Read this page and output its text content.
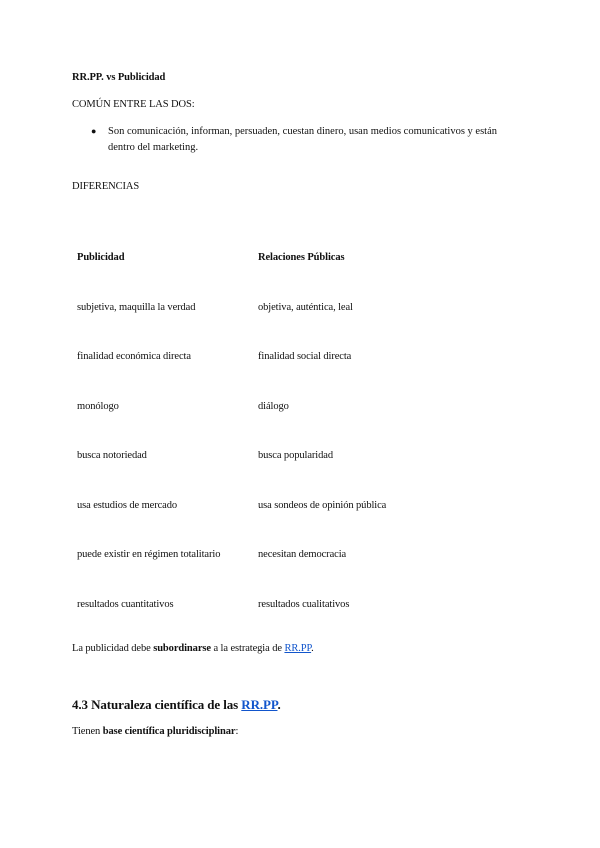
RR.PP. vs Publicidad
COMÚN ENTRE LAS DOS:
● Son comunicación, informan, persuaden, cuestan dinero, usan medios comunicativos y están
dentro del marketing.
DIFERENCIAS
Publicidad	Relaciones Públicas
subjetiva, maquilla la verdad	objetiva, auténtica, leal
finalidad económica directa	finalidad social directa
monólogo	diálogo
busca notoriedad	busca popularidad
usa estudios de mercado	usa sondeos de opinión pública
puede existir en régimen totalitario	necesitan democracia
resultados cuantitativos	resultados cualitativos
La publicidad debe subordinarse a la estrategia de RR.PP.
4.3 Naturaleza científica de las RR.PP.
Tienen base científica pluridisciplinar:
